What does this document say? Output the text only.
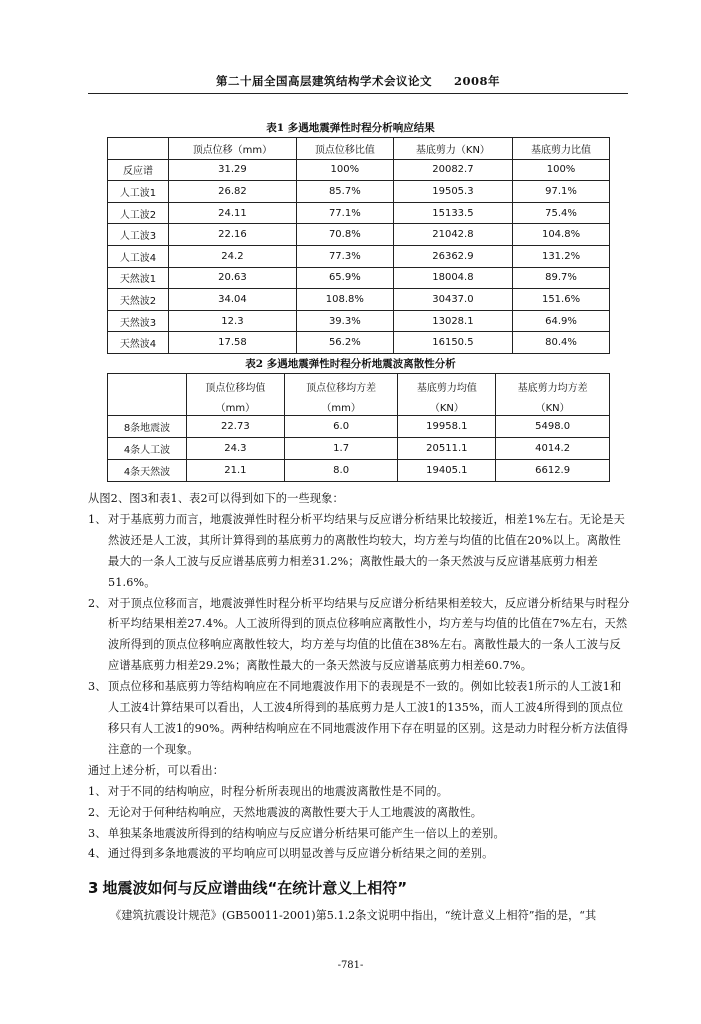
第二十届全国高层建筑结构学术会议论文 2008年
表1 多遇地震弹性时程分析响应结果
	顶点位移（mm）	顶点位移比值	基底剪力（KN）	基底剪力比值
反应谱	31.29	100%	20082.7	100%
人工波1	26.82	85.7%	19505.3	97.1%
人工波2	24.11	77.1%	15133.5	75.4%
人工波3	22.16	70.8%	21042.8	104.8%
人工波4	24.2	77.3%	26362.9	131.2%
天然波1	20.63	65.9%	18004.8	89.7%
天然波2	34.04	108.8%	30437.0	151.6%
天然波3	12.3	39.3%	13028.1	64.9%
天然波4	17.58	56.2%	16150.5	80.4%
表2 多遇地震弹性时程分析地震波离散性分析
	顶点位移均值	顶点位移均方差	基底剪力均值	基底剪力均方差
	（mm）	（mm）	（KN）	（KN）
8条地震波	22.73	6.0	19958.1	5498.0
4条人工波	24.3	1.7	20511.1	4014.2
4条天然波	21.1	8.0	19405.1	6612.9

从图2、图3和表1、表2可以得到如下的一些现象：

1、 对于基底剪力而言，地震波弹性时程分析平均结果与反应谱分析结果比较接近，相差1%左右。无论是天然波还是人工波，其所计算得到的基底剪力的离散性均较大，均方差与均值的比值在20%以上。离散性最大的一条人工波与反应谱基底剪力相差31.2%；离散性最大的一条天然波与反应谱基底剪力相差51.6%。
2、 对于顶点位移而言，地震波弹性时程分析平均结果与反应谱分析结果相差较大，反应谱分析结果与时程分析平均结果相差27.4%。人工波所得到的顶点位移响应离散性小，均方差与均值的比值在7%左右，天然波所得到的顶点位移响应离散性较大，均方差与均值的比值在38%左右。离散性最大的一条人工波与反应谱基底剪力相差29.2%；离散性最大的一条天然波与反应谱基底剪力相差60.7%。
3、 顶点位移和基底剪力等结构响应在不同地震波作用下的表现是不一致的。例如比较表1所示的人工波1和人工波4计算结果可以看出，人工波4所得到的基底剪力是人工波1的135%，而人工波4所得到的顶点位移只有人工波1的90%。两种结构响应在不同地震波作用下存在明显的区别。这是动力时程分析方法值得注意的一个现象。

通过上述分析，可以看出：

1、 对于不同的结构响应，时程分析所表现出的地震波离散性是不同的。
2、 无论对于何种结构响应，天然地震波的离散性要大于人工地震波的离散性。
3、 单独某条地震波所得到的结构响应与反应谱分析结果可能产生一倍以上的差别。
4、 通过得到多条地震波的平均响应可以明显改善与反应谱分析结果之间的差别。
3 地震波如何与反应谱曲线“在统计意义上相符”
《建筑抗震设计规范》(GB50011-2001)第5.1.2条文说明中指出，“统计意义上相符”指的是，“其
-781-
